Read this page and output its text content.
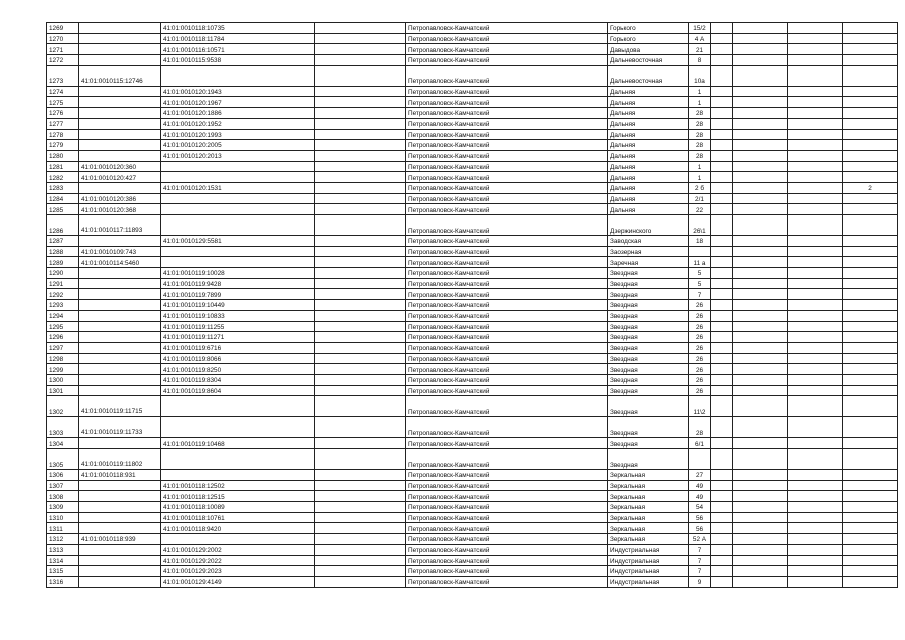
1269		41:01:0010118:10735		Петропавловск-Камчатский	Горького	15/2				
1270		41:01:0010118:11784		Петропавловск-Камчатский	Горького	4 А				
1271		41:01:0010116:10571		Петропавловск-Камчатский	Давыдова	21				
1272		41:01:0010115:9538		Петропавловск-Камчатский	Дальневосточная	8				
1273	41:01:0010115:12746			Петропавловск-Камчатский	Дальневосточная	10а				
1274		41:01:0010120:1943		Петропавловск-Камчатский	Дальняя	1				
1275		41:01:0010120:1967		Петропавловск-Камчатский	Дальняя	1				
1276		41:01:0010120:1886		Петропавловск-Камчатский	Дальняя	28				
1277		41:01:0010120:1952		Петропавловск-Камчатский	Дальняя	28				
1278		41:01:0010120:1993		Петропавловск-Камчатский	Дальняя	28				
1279		41:01:0010120:2005		Петропавловск-Камчатский	Дальняя	28				
1280		41:01:0010120:2013		Петропавловск-Камчатский	Дальняя	28				
1281	41:01:0010120:360			Петропавловск-Камчатский	Дальняя	1				
1282	41:01:0010120:427			Петропавловск-Камчатский	Дальняя	1				
1283		41:01:0010120:1531		Петропавловск-Камчатский	Дальняя	2 б				2
1284	41:01:0010120:386			Петропавловск-Камчатский	Дальняя	2/1				
1285	41:01:0010120:368			Петропавловск-Камчатский	Дальняя	22				
1286	41:01:0010117:11893			Петропавловск-Камчатский	Дзержинского	26\1				
1287		41:01:0010129:5581		Петропавловск-Камчатский	Заводская	18				
1288	41:01:0010109:743			Петропавловск-Камчатский	Заозерная					
1289	41:01:0010114:5460			Петропавловск-Камчатский	Заречная	11 а				
1290		41:01:0010119:10028		Петропавловск-Камчатский	Звездная	5				
1291		41:01:0010119:9428		Петропавловск-Камчатский	Звездная	5				
1292		41:01:0010119:7899		Петропавловск-Камчатский	Звездная	7				
1293		41:01:0010119:10449		Петропавловск-Камчатский	Звездная	26				
1294		41:01:0010119:10833		Петропавловск-Камчатский	Звездная	26				
1295		41:01:0010119:11255		Петропавловск-Камчатский	Звездная	26				
1296		41:01:0010119:11271		Петропавловск-Камчатский	Звездная	26				
1297		41:01:0010119:6716		Петропавловск-Камчатский	Звездная	26				
1298		41:01:0010119:8066		Петропавловск-Камчатский	Звездная	26				
1299		41:01:0010119:8250		Петропавловск-Камчатский	Звездная	26				
1300		41:01:0010119:8304		Петропавловск-Камчатский	Звездная	26				
1301		41:01:0010119:8604		Петропавловск-Камчатский	Звездная	26				
1302	41:01:0010119:11715			Петропавловск-Камчатский	Звездная	11\2				
1303	41:01:0010119:11733			Петропавловск-Камчатский	Звездная	28				
1304		41:01:0010119:10468		Петропавловск-Камчатский	Звездная	6/1				
1305	41:01:0010119:11802			Петропавловск-Камчатский	Звездная					
1306	41:01:0010118:931			Петропавловск-Камчатский	Зеркальная	27				
1307		41:01:0010118:12502		Петропавловск-Камчатский	Зеркальная	49				
1308		41:01:0010118:12515		Петропавловск-Камчатский	Зеркальная	49				
1309		41:01:0010118:10089		Петропавловск-Камчатский	Зеркальная	54				
1310		41:01:0010118:10761		Петропавловск-Камчатский	Зеркальная	56				
1311		41:01:0010118:9420		Петропавловск-Камчатский	Зеркальная	56				
1312	41:01:0010118:939			Петропавловск-Камчатский	Зеркальная	52 А				
1313		41:01:0010129:2002		Петропавловск-Камчатский	Индустриальная	7				
1314		41:01:0010129:2022		Петропавловск-Камчатский	Индустриальная	7				
1315		41:01:0010129:2023		Петропавловск-Камчатский	Индустриальная	7				
1316		41:01:0010129:4149		Петропавловск-Камчатский	Индустриальная	9				
